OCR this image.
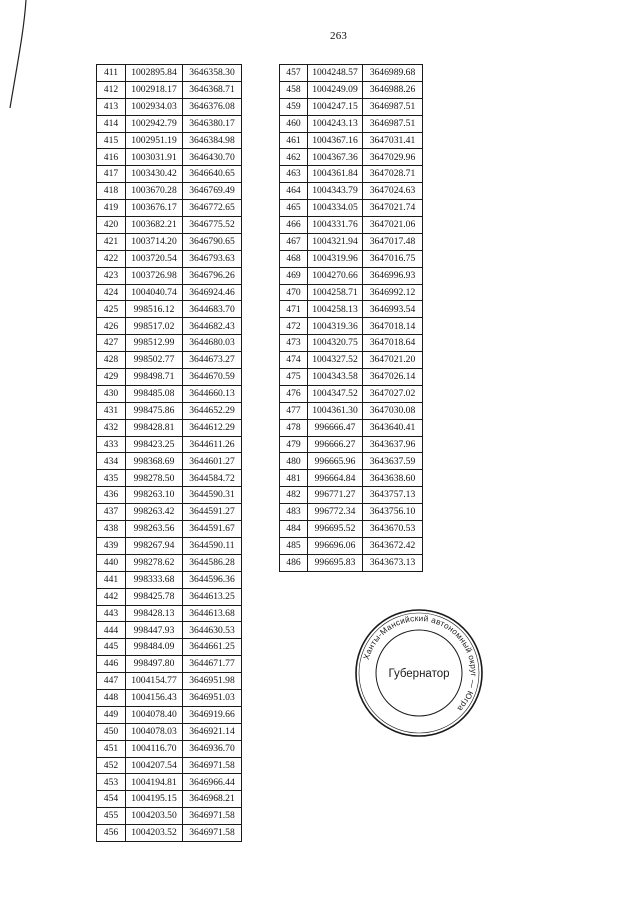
263
411	1002895.84	3646358.30
412	1002918.17	3646368.71
413	1002934.03	3646376.08
414	1002942.79	3646380.17
415	1002951.19	3646384.98
416	1003031.91	3646430.70
417	1003430.42	3646640.65
418	1003670.28	3646769.49
419	1003676.17	3646772.65
420	1003682.21	3646775.52
421	1003714.20	3646790.65
422	1003720.54	3646793.63
423	1003726.98	3646796.26
424	1004040.74	3646924.46
425	998516.12	3644683.70
426	998517.02	3644682.43
427	998512.99	3644680.03
428	998502.77	3644673.27
429	998498.71	3644670.59
430	998485.08	3644660.13
431	998475.86	3644652.29
432	998428.81	3644612.29
433	998423.25	3644611.26
434	998368.69	3644601.27
435	998278.50	3644584.72
436	998263.10	3644590.31
437	998263.42	3644591.27
438	998263.56	3644591.67
439	998267.94	3644590.11
440	998278.62	3644586.28
441	998333.68	3644596.36
442	998425.78	3644613.25
443	998428.13	3644613.68
444	998447.93	3644630.53
445	998484.09	3644661.25
446	998497.80	3644671.77
447	1004154.77	3646951.98
448	1004156.43	3646951.03
449	1004078.40	3646919.66
450	1004078.03	3646921.14
451	1004116.70	3646936.70
452	1004207.54	3646971.58
453	1004194.81	3646966.44
454	1004195.15	3646968.21
455	1004203.50	3646971.58
456	1004203.52	3646971.58
457	1004248.57	3646989.68
458	1004249.09	3646988.26
459	1004247.15	3646987.51
460	1004243.13	3646987.51
461	1004367.16	3647031.41
462	1004367.36	3647029.96
463	1004361.84	3647028.71
464	1004343.79	3647024.63
465	1004334.05	3647021.74
466	1004331.76	3647021.06
467	1004321.94	3647017.48
468	1004319.96	3647016.75
469	1004270.66	3646996.93
470	1004258.71	3646992.12
471	1004258.13	3646993.54
472	1004319.36	3647018.14
473	1004320.75	3647018.64
474	1004327.52	3647021.20
475	1004343.58	3647026.14
476	1004347.52	3647027.02
477	1004361.30	3647030.08
478	996666.47	3643640.41
479	996666.27	3643637.96
480	996665.96	3643637.59
481	996664.84	3643638.60
482	996771.27	3643757.13
483	996772.34	3643756.10
484	996695.52	3643670.53
485	996696.06	3643672.42
486	996695.83	3643673.13
Ханты-Мансийский автономный округ — Югра
Губернатор
